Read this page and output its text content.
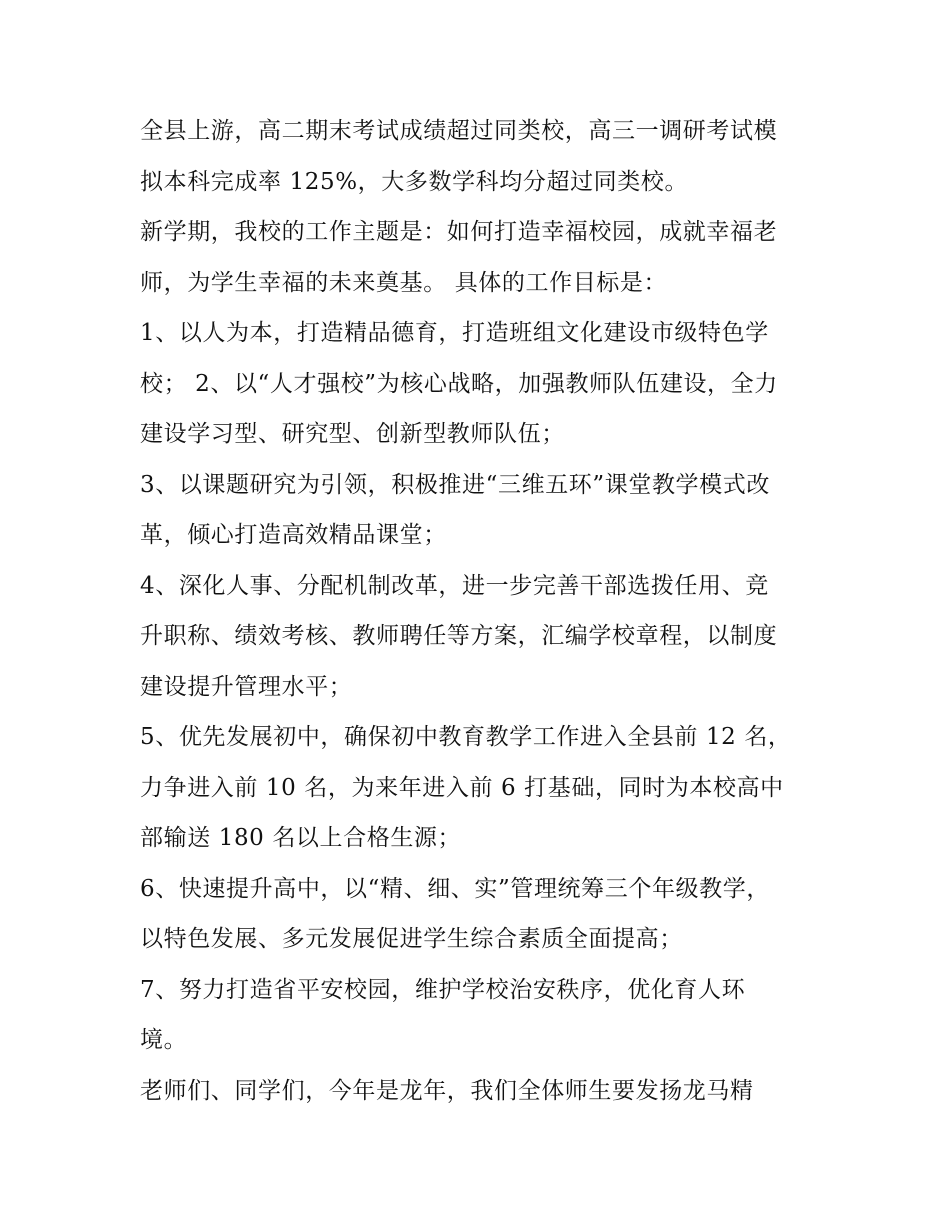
全县上游，高二期末考试成绩超过同类校，高三一调研考试模
拟本科完成率 125%，大多数学科均分超过同类校。
新学期，我校的工作主题是：如何打造幸福校园，成就幸福老
师，为学生幸福的未来奠基。 具体的工作目标是：
1、以人为本，打造精品德育，打造班组文化建设市级特色学
校； 2、以“人才强校”为核心战略，加强教师队伍建设，全力
建设学习型、研究型、创新型教师队伍；
3、以课题研究为引领，积极推进“三维五环”课堂教学模式改
革，倾心打造高效精品课堂；
4、深化人事、分配机制改革，进一步完善干部选拨任用、竞
升职称、绩效考核、教师聘任等方案，汇编学校章程，以制度
建设提升管理水平；
5、优先发展初中，确保初中教育教学工作进入全县前 12 名，
力争进入前 10 名，为来年进入前 6 打基础，同时为本校高中
部输送 180 名以上合格生源；
6、快速提升高中，以“精、细、实”管理统筹三个年级教学，
以特色发展、多元发展促进学生综合素质全面提高；
7、努力打造省平安校园，维护学校治安秩序，优化育人环
境。
老师们、同学们，今年是龙年，我们全体师生要发扬龙马精
